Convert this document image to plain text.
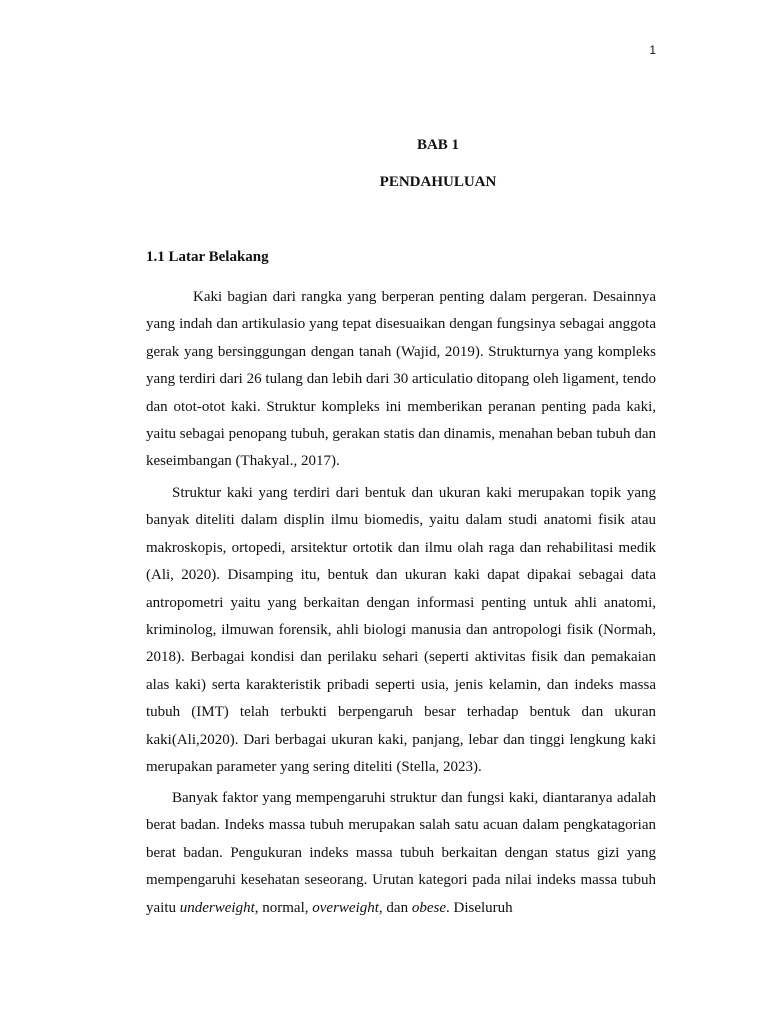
1
BAB 1
PENDAHULUAN
1.1 Latar Belakang

Kaki bagian dari rangka yang berperan penting dalam pergeran. Desainnya yang indah dan artikulasio yang tepat disesuaikan dengan fungsinya sebagai anggota gerak yang bersinggungan dengan tanah (Wajid, 2019). Strukturnya yang kompleks yang terdiri dari 26 tulang dan lebih dari 30 articulatio ditopang oleh ligament, tendo dan otot-otot kaki. Struktur kompleks ini memberikan peranan penting pada kaki, yaitu sebagai penopang tubuh, gerakan statis dan dinamis, menahan beban tubuh dan keseimbangan (Thakyal., 2017).

Struktur kaki yang terdiri dari bentuk dan ukuran kaki merupakan topik yang banyak diteliti dalam displin ilmu biomedis, yaitu dalam studi anatomi fisik atau makroskopis, ortopedi, arsitektur ortotik dan ilmu olah raga dan rehabilitasi medik (Ali, 2020). Disamping itu, bentuk dan ukuran kaki dapat dipakai sebagai data antropometri yaitu yang berkaitan dengan informasi penting untuk ahli anatomi, kriminolog, ilmuwan forensik, ahli biologi manusia dan antropologi fisik (Normah, 2018). Berbagai kondisi dan perilaku sehari (seperti aktivitas fisik dan pemakaian alas kaki) serta karakteristik pribadi seperti usia, jenis kelamin, dan indeks massa tubuh (IMT) telah terbukti berpengaruh besar terhadap bentuk dan ukuran kaki(Ali,2020). Dari berbagai ukuran kaki, panjang, lebar dan tinggi lengkung kaki merupakan parameter yang sering diteliti (Stella, 2023).

Banyak faktor yang mempengaruhi struktur dan fungsi kaki, diantaranya adalah berat badan. Indeks massa tubuh merupakan salah satu acuan dalam pengkatagorian berat badan. Pengukuran indeks massa tubuh berkaitan dengan status gizi yang mempengaruhi kesehatan seseorang. Urutan kategori pada nilai indeks massa tubuh yaitu underweight, normal, overweight, dan obese. Diseluruh
